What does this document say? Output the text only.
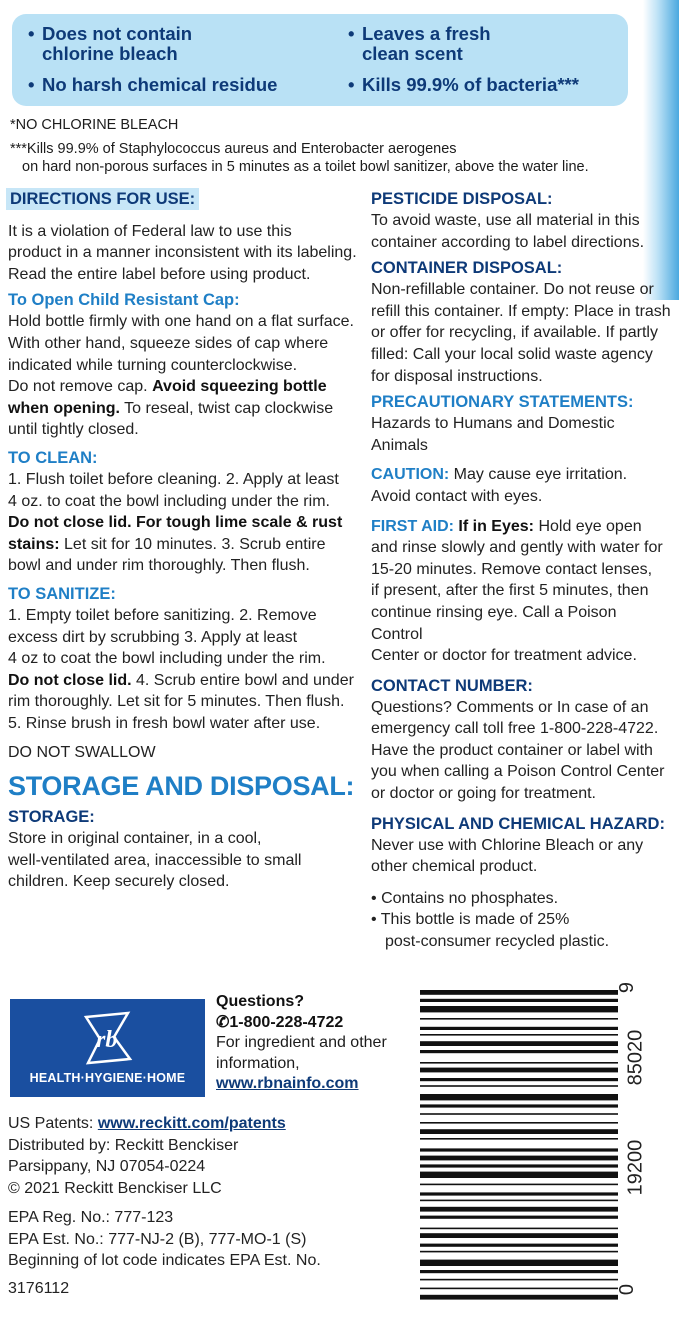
• Does not contain
chlorine bleach
• No harsh chemical residue
• Leaves a fresh
clean scent
• Kills 99.9% of bacteria***
*NO CHLORINE BLEACH
***Kills 99.9% of Staphylococcus aureus and Enterobacter aerogenes
on hard non-porous surfaces in 5 minutes as a toilet bowl sanitizer, above the water line.
DIRECTIONS FOR USE:
It is a violation of Federal law to use this
product in a manner inconsistent with its labeling.
Read the entire label before using product.
To Open Child Resistant Cap:
Hold bottle firmly with one hand on a flat surface.
With other hand, squeeze sides of cap where
indicated while turning counterclockwise.
Do not remove cap. Avoid squeezing bottle
when opening. To reseal, twist cap clockwise
until tightly closed.
TO CLEAN:
1. Flush toilet before cleaning. 2. Apply at least
4 oz. to coat the bowl including under the rim.
Do not close lid. For tough lime scale & rust
stains: Let sit for 10 minutes. 3. Scrub entire
bowl and under rim thoroughly. Then flush.
TO SANITIZE:
1. Empty toilet before sanitizing. 2. Remove
excess dirt by scrubbing 3. Apply at least
4 oz to coat the bowl including under the rim.
Do not close lid. 4. Scrub entire bowl and under
rim thoroughly. Let sit for 5 minutes. Then flush.
5. Rinse brush in fresh bowl water after use.
DO NOT SWALLOW
STORAGE AND DISPOSAL:
STORAGE:
Store in original container, in a cool,
well-ventilated area, inaccessible to small
children. Keep securely closed.
PESTICIDE DISPOSAL:
To avoid waste, use all material in this
container according to label directions.
CONTAINER DISPOSAL:
Non-refillable container. Do not reuse or
refill this container. If empty: Place in trash
or offer for recycling, if available. If partly
filled: Call your local solid waste agency
for disposal instructions.
PRECAUTIONARY STATEMENTS:
Hazards to Humans and Domestic Animals
CAUTION: May cause eye irritation.
Avoid contact with eyes.
FIRST AID: If in Eyes: Hold eye open
and rinse slowly and gently with water for
15-20 minutes. Remove contact lenses,
if present, after the first 5 minutes, then
continue rinsing eye. Call a Poison Control
Center or doctor for treatment advice.
CONTACT NUMBER:
Questions? Comments or In case of an
emergency call toll free 1-800-228-4722.
Have the product container or label with
you when calling a Poison Control Center
or doctor or going for treatment.
PHYSICAL AND CHEMICAL HAZARD:
Never use with Chlorine Bleach or any
other chemical product.
• Contains no phosphates.
• This bottle is made of 25%
post-consumer recycled plastic.
rb
HEALTH·HYGIENE·HOME
Questions?
✆1-800-228-4722
For ingredient and other
information,
www.rbnainfo.com
US Patents: www.reckitt.com/patents
Distributed by: Reckitt Benckiser
Parsippany, NJ 07054-0224
© 2021 Reckitt Benckiser LLC
EPA Reg. No.: 777-123
EPA Est. No.: 777-NJ-2 (B), 777-MO-1 (S)
Beginning of lot code indicates EPA Est. No.
3176112	0
19200
85020
9
